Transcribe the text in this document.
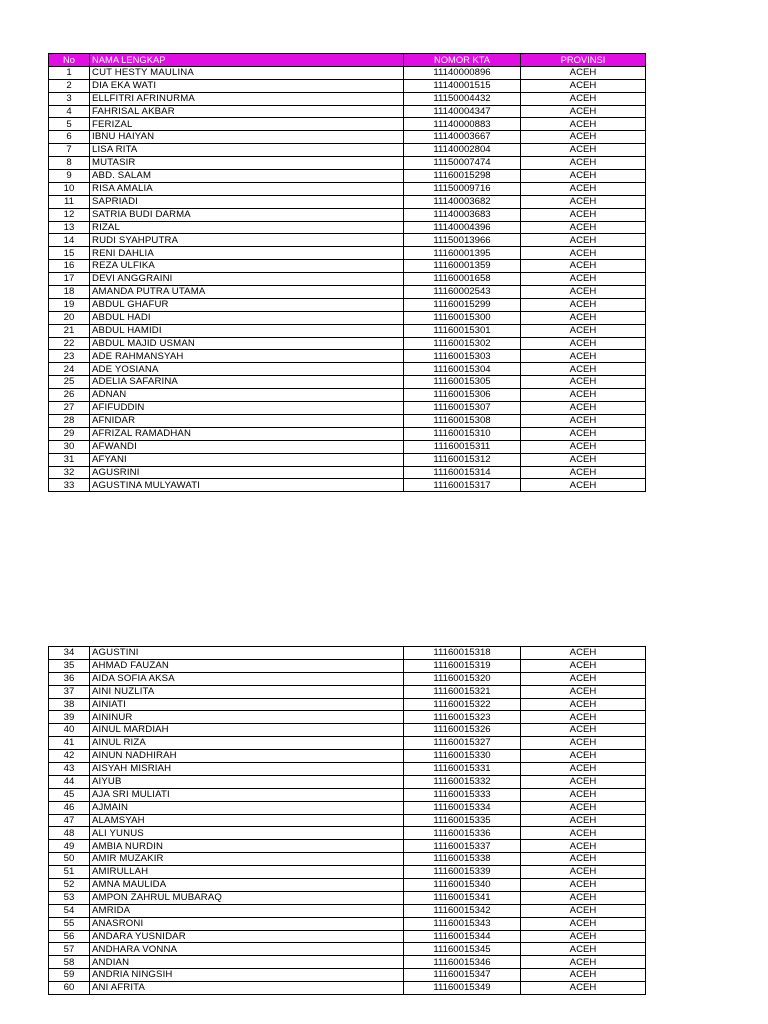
No	NAMA LENGKAP	NOMOR KTA	PROVINSI
1	CUT HESTY MAULINA	11140000896	ACEH
2	DIA EKA WATI	11140001515	ACEH
3	ELLFITRI AFRINURMA	11150004432	ACEH
4	FAHRISAL AKBAR	11140004347	ACEH
5	FERIZAL	11140000883	ACEH
6	IBNU HAIYAN	11140003667	ACEH
7	LISA RITA	11140002804	ACEH
8	MUTASIR	11150007474	ACEH
9	ABD. SALAM	11160015298	ACEH
10	RISA AMALIA	11150009716	ACEH
11	SAPRIADI	11140003682	ACEH
12	SATRIA BUDI DARMA	11140003683	ACEH
13	RIZAL	11140004396	ACEH
14	RUDI SYAHPUTRA	11150013966	ACEH
15	RENI DAHLIA	11160001395	ACEH
16	REZA ULFIKA	11160001359	ACEH
17	DEVI ANGGRAINI	11160001658	ACEH
18	AMANDA PUTRA UTAMA	11160002543	ACEH
19	ABDUL GHAFUR	11160015299	ACEH
20	ABDUL HADI	11160015300	ACEH
21	ABDUL HAMIDI	11160015301	ACEH
22	ABDUL MAJID USMAN	11160015302	ACEH
23	ADE RAHMANSYAH	11160015303	ACEH
24	ADE YOSIANA	11160015304	ACEH
25	ADELIA SAFARINA	11160015305	ACEH
26	ADNAN	11160015306	ACEH
27	AFIFUDDIN	11160015307	ACEH
28	AFNIDAR	11160015308	ACEH
29	AFRIZAL RAMADHAN	11160015310	ACEH
30	AFWANDI	11160015311	ACEH
31	AFYANI	11160015312	ACEH
32	AGUSRINI	11160015314	ACEH
33	AGUSTINA MULYAWATI	11160015317	ACEH
34	AGUSTINI	11160015318	ACEH
35	AHMAD FAUZAN	11160015319	ACEH
36	AIDA SOFIA AKSA	11160015320	ACEH
37	AINI NUZLITA	11160015321	ACEH
38	AINIATI	11160015322	ACEH
39	AININUR	11160015323	ACEH
40	AINUL MARDIAH	11160015326	ACEH
41	AINUL RIZA	11160015327	ACEH
42	AINUN NADHIRAH	11160015330	ACEH
43	AISYAH MISRIAH	11160015331	ACEH
44	AIYUB	11160015332	ACEH
45	AJA SRI MULIATI	11160015333	ACEH
46	AJMAIN	11160015334	ACEH
47	ALAMSYAH	11160015335	ACEH
48	ALI YUNUS	11160015336	ACEH
49	AMBIA NURDIN	11160015337	ACEH
50	AMIR MUZAKIR	11160015338	ACEH
51	AMIRULLAH	11160015339	ACEH
52	AMNA MAULIDA	11160015340	ACEH
53	AMPON ZAHRUL MUBARAQ	11160015341	ACEH
54	AMRIDA	11160015342	ACEH
55	ANASRONI	11160015343	ACEH
56	ANDARA YUSNIDAR	11160015344	ACEH
57	ANDHARA VONNA	11160015345	ACEH
58	ANDIAN	11160015346	ACEH
59	ANDRIA NINGSIH	11160015347	ACEH
60	ANI AFRITA	11160015349	ACEH
